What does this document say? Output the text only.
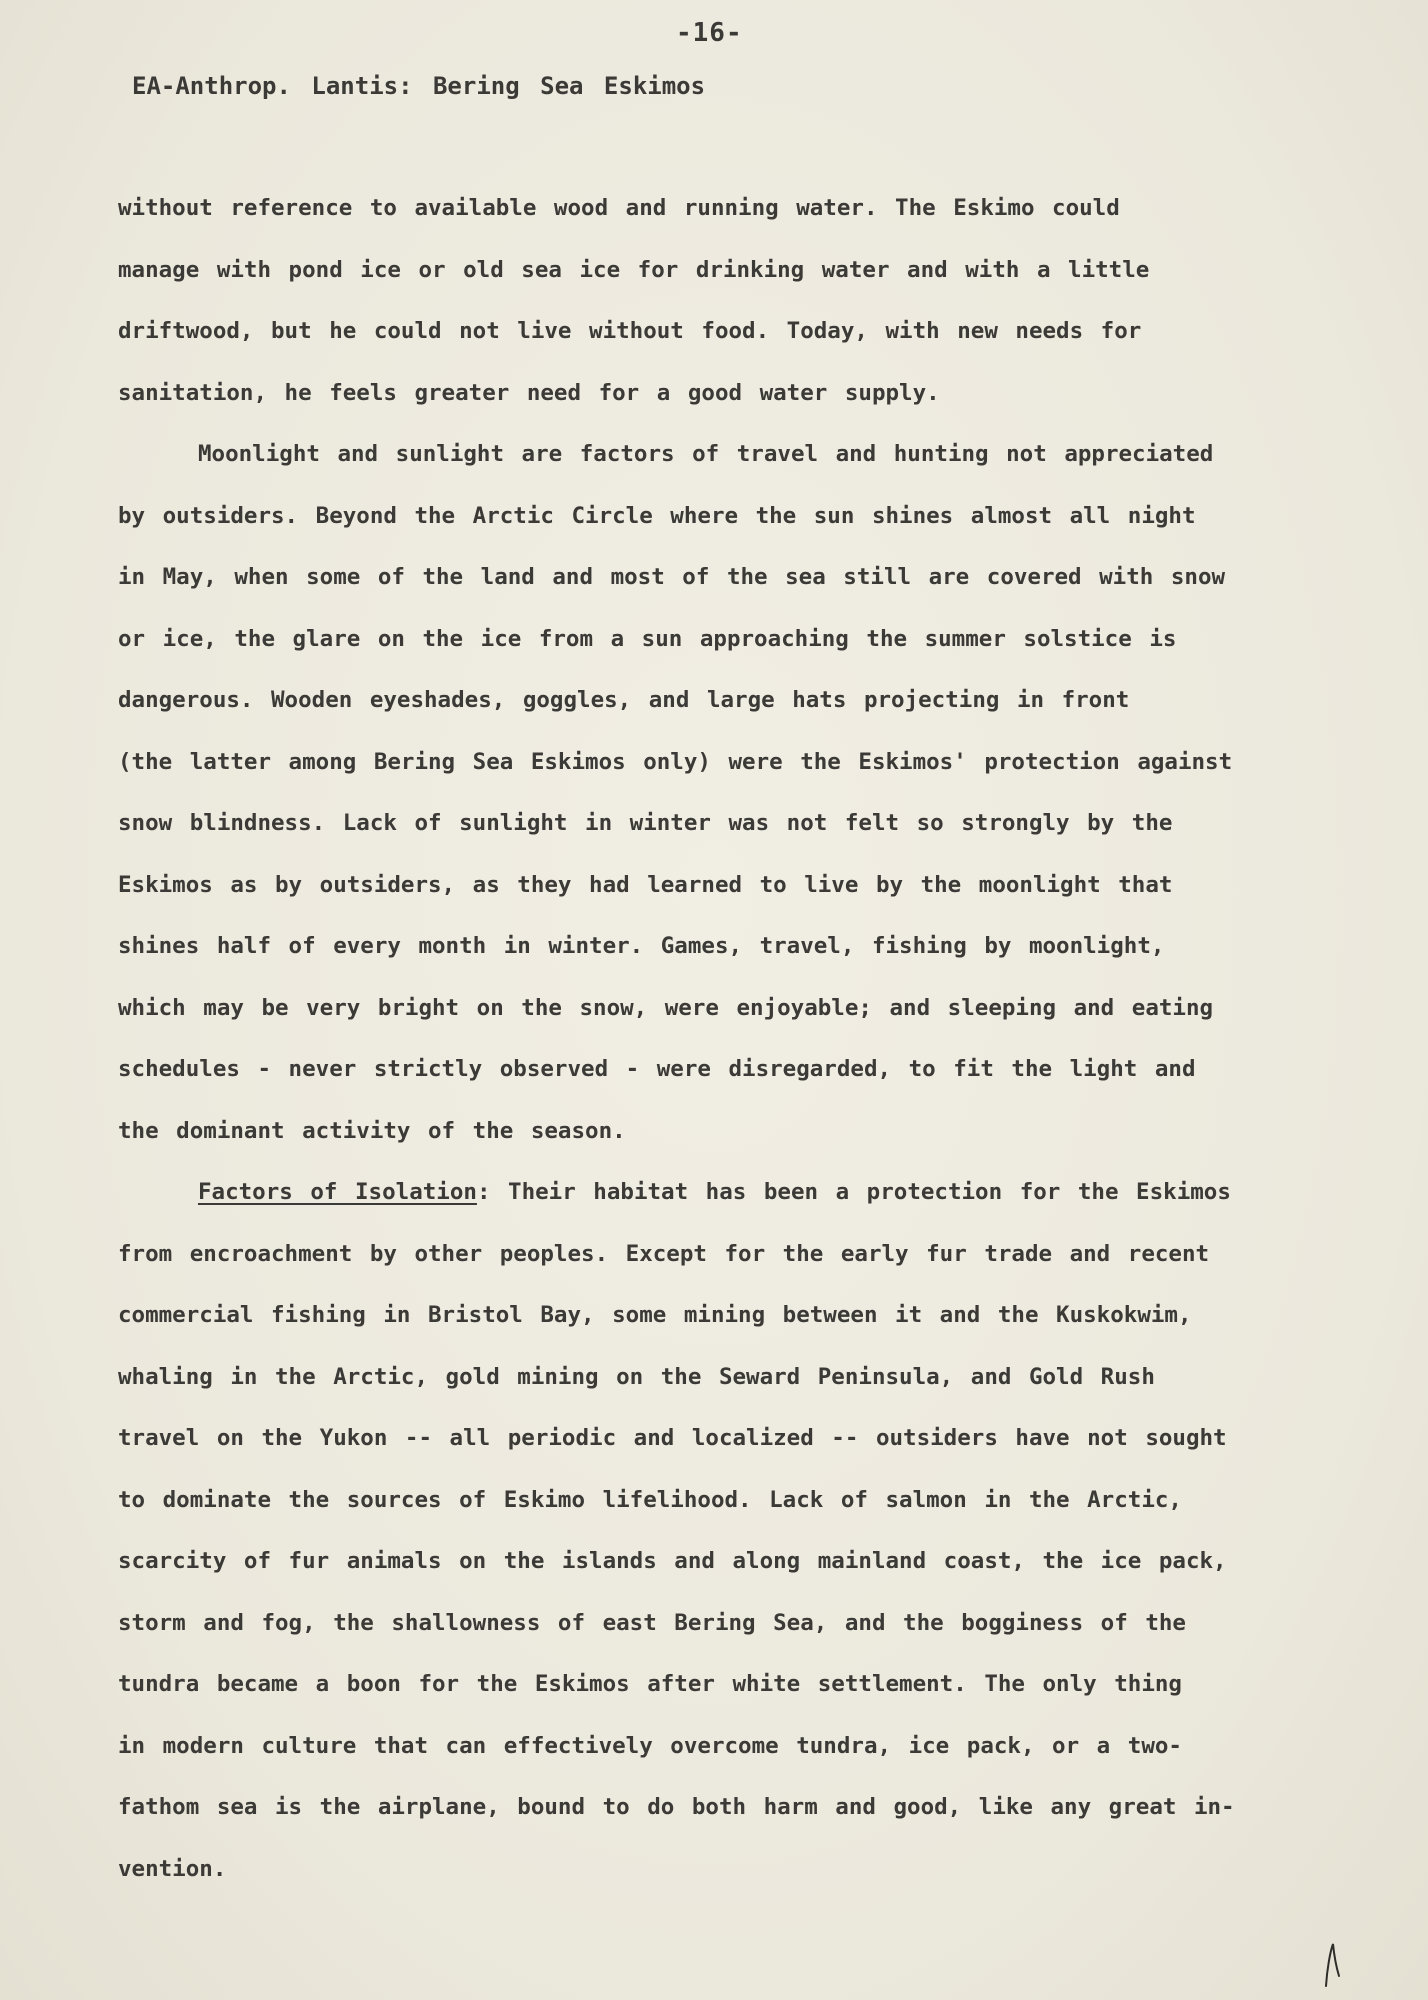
-16-
EA-Anthrop. Lantis: Bering Sea Eskimos
without reference to available wood and running water. The Eskimo could
manage with pond ice or old sea ice for drinking water and with a little
driftwood, but he could not live without food. Today, with new needs for
sanitation, he feels greater need for a good water supply.
Moonlight and sunlight are factors of travel and hunting not appreciated
by outsiders. Beyond the Arctic Circle where the sun shines almost all night
in May, when some of the land and most of the sea still are covered with snow
or ice, the glare on the ice from a sun approaching the summer solstice is
dangerous. Wooden eyeshades, goggles, and large hats projecting in front
(the latter among Bering Sea Eskimos only) were the Eskimos' protection against
snow blindness. Lack of sunlight in winter was not felt so strongly by the
Eskimos as by outsiders, as they had learned to live by the moonlight that
shines half of every month in winter. Games, travel, fishing by moonlight,
which may be very bright on the snow, were enjoyable; and sleeping and eating
schedules - never strictly observed - were disregarded, to fit the light and
the dominant activity of the season.
Factors of Isolation: Their habitat has been a protection for the Eskimos
from encroachment by other peoples. Except for the early fur trade and recent
commercial fishing in Bristol Bay, some mining between it and the Kuskokwim,
whaling in the Arctic, gold mining on the Seward Peninsula, and Gold Rush
travel on the Yukon -- all periodic and localized -- outsiders have not sought
to dominate the sources of Eskimo lifelihood. Lack of salmon in the Arctic,
scarcity of fur animals on the islands and along mainland coast, the ice pack,
storm and fog, the shallowness of east Bering Sea, and the bogginess of the
tundra became a boon for the Eskimos after white settlement. The only thing
in modern culture that can effectively overcome tundra, ice pack, or a two-
fathom sea is the airplane, bound to do both harm and good, like any great in-
vention.
